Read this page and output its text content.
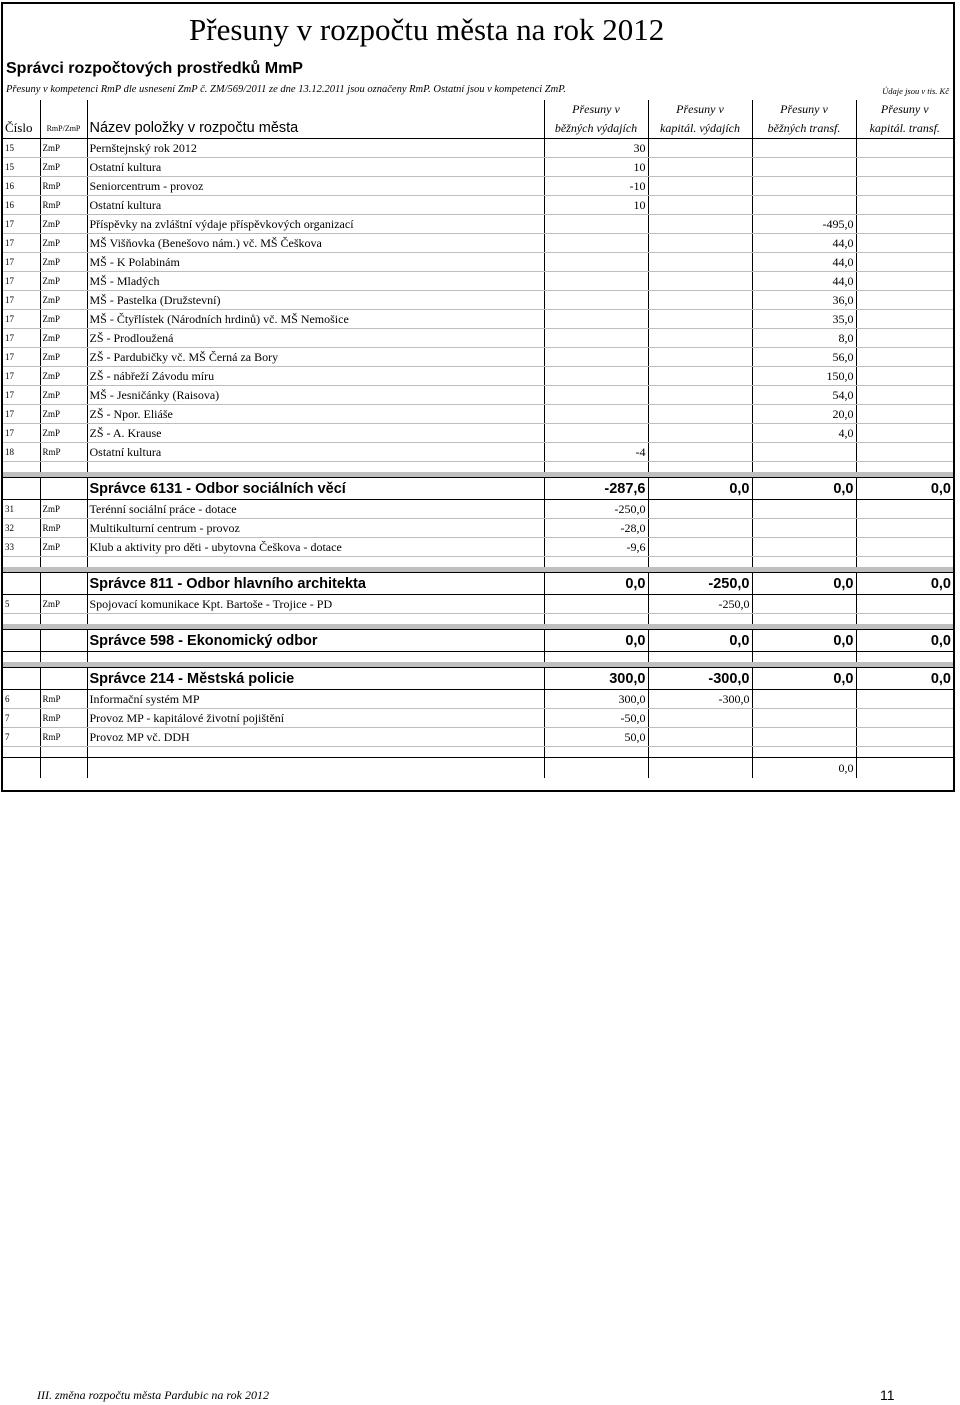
Přesuny v rozpočtu města na rok 2012
Správci rozpočtových prostředků MmP
Přesuny v kompetenci RmP dle usnesení ZmP č. ZM/569/2011 ze dne 13.12.2011 jsou označeny RmP. Ostatní jsou v kompetenci ZmP.	Údaje jsou v tis. Kč
			Přesuny v	Přesuny v	Přesuny v	Přesuny v
Číslo	RmP/ZmP	Název položky v rozpočtu města	běžných výdajích	kapitál. výdajích	běžných transf.	kapitál. transf.
15	ZmP	Pernštejnský rok 2012	30			
15	ZmP	Ostatní kultura	10			
16	RmP	Seniorcentrum - provoz	-10			
16	RmP	Ostatní kultura	10			
17	ZmP	Příspěvky na zvláštní výdaje příspěvkových organizací			-495,0	
17	ZmP	MŠ Višňovka (Benešovo nám.) vč. MŠ Češkova			44,0	
17	ZmP	MŠ - K Polabinám			44,0	
17	ZmP	MŠ - Mladých			44,0	
17	ZmP	MŠ - Pastelka (Družstevní)			36,0	
17	ZmP	MŠ - Čtyřlístek (Národních hrdinů) vč. MŠ Nemošice			35,0	
17	ZmP	ZŠ - Prodloužená			8,0	
17	ZmP	ZŠ - Pardubičky vč. MŠ Černá za Bory			56,0	
17	ZmP	ZŠ - nábřeží Závodu míru			150,0	
17	ZmP	MŠ - Jesničánky (Raisova)			54,0	
17	ZmP	ZŠ - Npor. Eliáše			20,0	
17	ZmP	ZŠ - A. Krause			4,0	
18	RmP	Ostatní kultura	-4			

		Správce 6131 - Odbor sociálních věcí	-287,6	0,0	0,0	0,0
31	ZmP	Terénní sociální práce - dotace	-250,0			
32	RmP	Multikulturní centrum - provoz	-28,0			
33	ZmP	Klub a aktivity pro děti - ubytovna Češkova - dotace	-9,6			

		Správce 811 - Odbor hlavního architekta	0,0	-250,0	0,0	0,0
5	ZmP	Spojovací komunikace Kpt. Bartoše - Trojice - PD		-250,0		

		Správce 598 - Ekonomický odbor	0,0	0,0	0,0	0,0

		Správce 214 - Městská policie	300,0	-300,0	0,0	0,0
6	RmP	Informační systém MP	300,0	-300,0		
7	RmP	Provoz MP - kapitálové životní pojištění	-50,0			
7	RmP	Provoz MP vč. DDH	50,0			

					0,0	
III. změna rozpočtu města Pardubic na rok 2012	11
